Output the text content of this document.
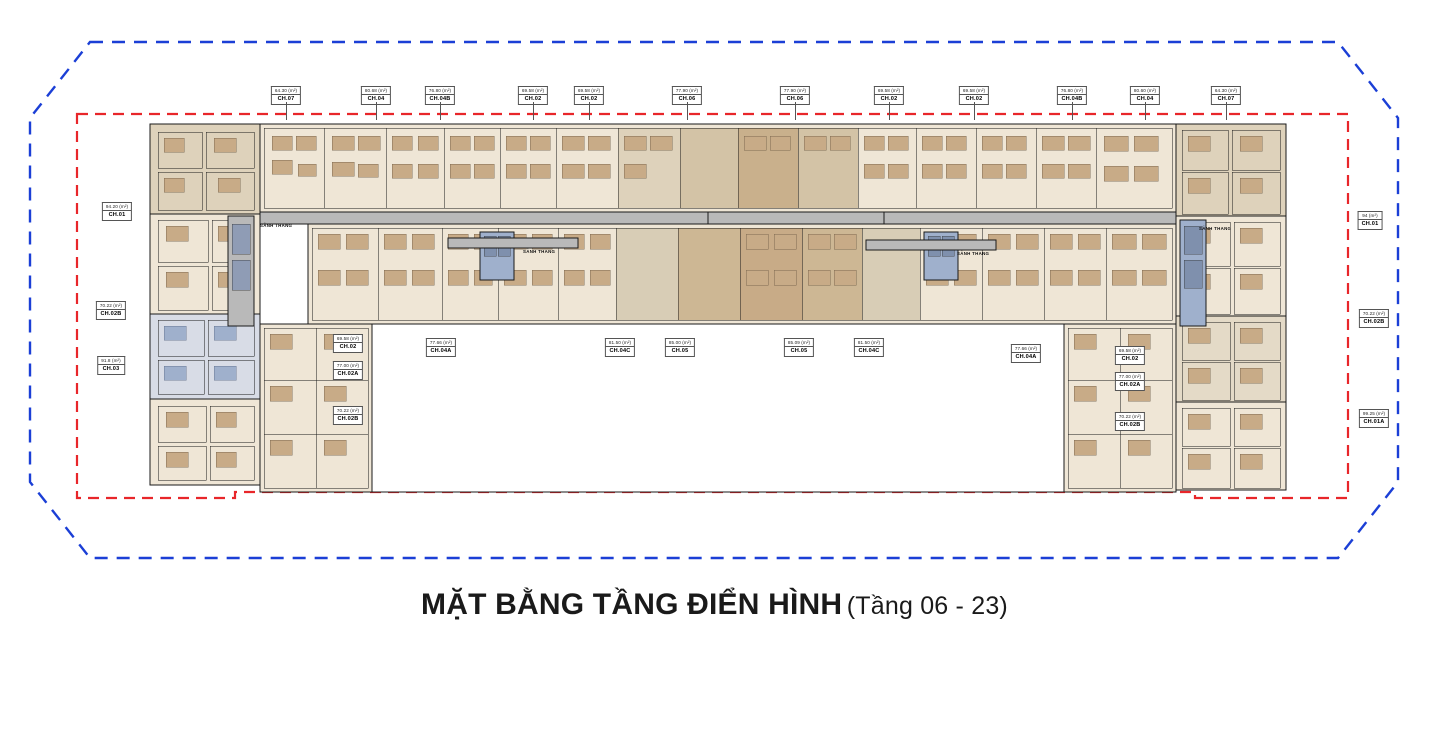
64.30 (m²)
CH.07
80.68 (m²)
CH.04
76.80 (m²)
CH.04B
69.58 (m²)
CH.02
69.58 (m²)
CH.02
77.90 (m²)
CH.06
77.90 (m²)
CH.06
69.58 (m²)
CH.02
69.58 (m²)
CH.02
76.80 (m²)
CH.04B
80.60 (m²)
CH.04
64.30 (m²)
CH.07
94.20 (m²)
CH.01
70.22 (m²)
CH.02B
91.8 (m²)
CH.03
94 (m²)
CH.01
70.22 (m²)
CH.02B
99.25 (m²)
CH.01A
69.58 (m²)
CH.02
77.00 (m²)
CH.02A
70.22 (m²)
CH.02B
77.66 (m²)
CH.04A
81.50 (m²)
CH.04C
85.00 (m²)
CH.05
85.09 (m²)
CH.05
81.50 (m²)
CH.04C	77.66 (m²)
CH.04A
69.58 (m²)
CH.02
77.00 (m²)
CH.02A
70.22 (m²)
CH.02B
SẢNH THANG
SẢNH THANG	SẢNH THANG
SẢNH THANG
MẶT BẰNG TẦNG ĐIỂN HÌNH (Tầng 06 - 23)
